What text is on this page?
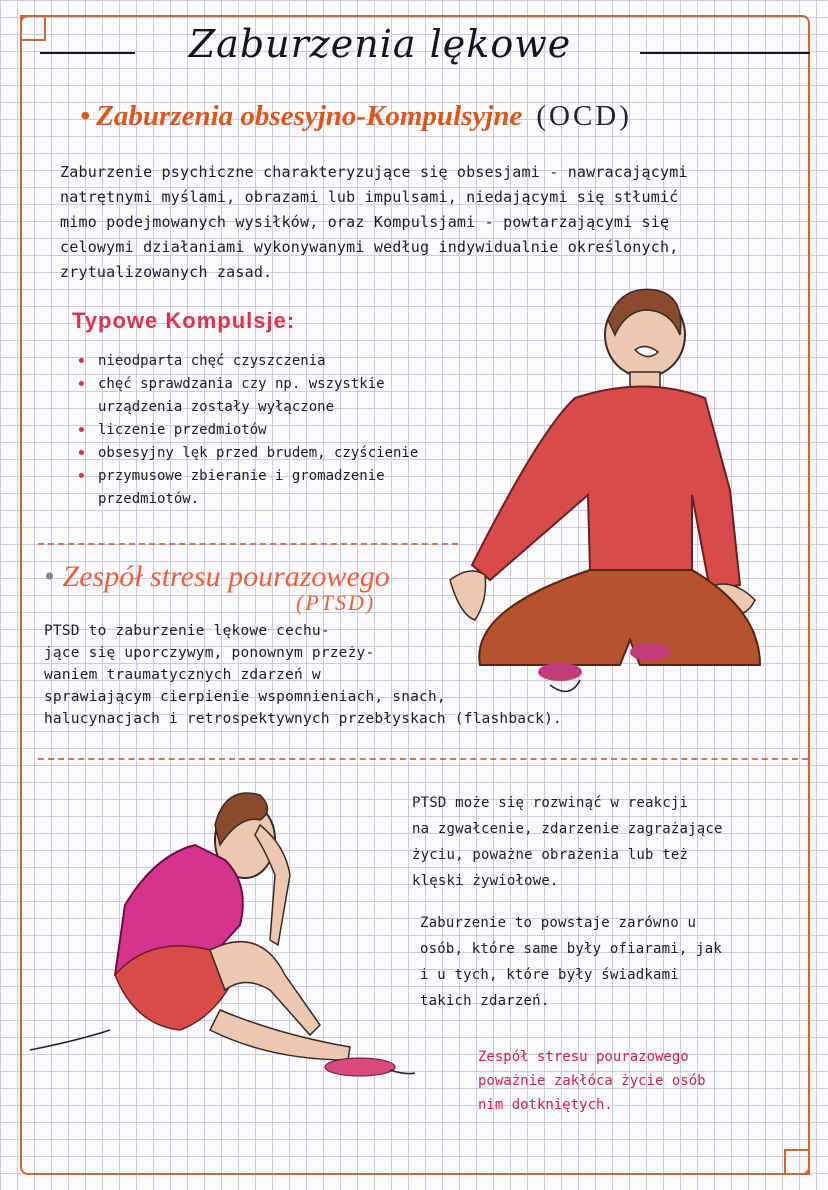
Zaburzenia lękowe
• Zaburzenia obsesyjno-Kompulsyjne (OCD)
Zaburzenie psychiczne charakteryzujące się obsesjami - nawracającymi
natrętnymi myślami, obrazami lub impulsami, niedającymi się stłumić
mimo podejmowanych wysiłków, oraz Kompulsjami - powtarzającymi się
celowymi działaniami wykonywanymi według indywidualnie określonych,
zrytualizowanych zasad.
Typowe Kompulsje:
• nieodparta chęć czyszczenia
• chęć sprawdzania czy np. wszystkie
urządzenia zostały wyłączone
• liczenie przedmiotów
• obsesyjny lęk przed brudem, czyścienie
• przymusowe zbieranie i gromadzenie
przedmiotów.
• Zespół stresu pourazowego
(PTSD)
PTSD to zaburzenie lękowe cechu-
jące się uporczywym, ponownym przeży-
waniem traumatycznych zdarzeń w
sprawiającym cierpienie wspomnieniach, snach,
halucynacjach i retrospektywnych przebłyskach (flashback).
PTSD może się rozwinąć w reakcji
na zgwałcenie, zdarzenie zagrażające
życiu, poważne obrażenia lub też
klęski żywiołowe.
Zaburzenie to powstaje zarówno u
osób, które same były ofiarami, jak
i u tych, które były świadkami
takich zdarzeń.
Zespół stresu pourazowego
poważnie zakłóca życie osób
nim dotkniętych.
